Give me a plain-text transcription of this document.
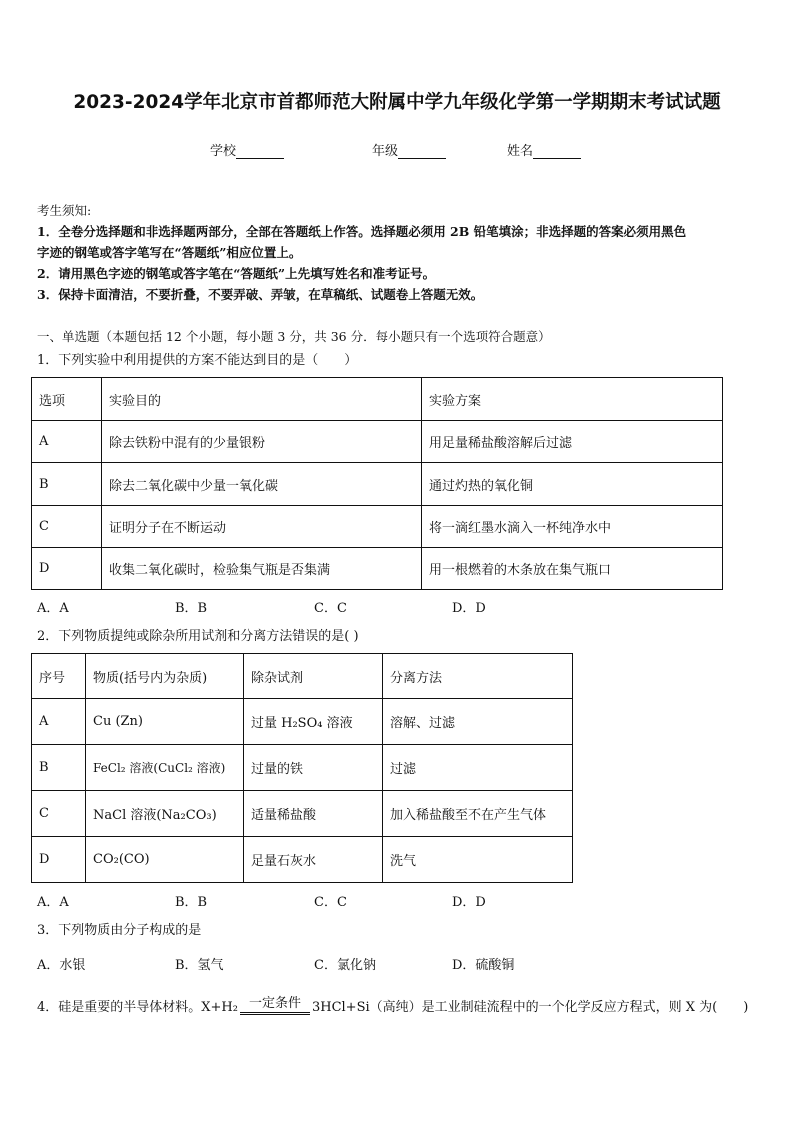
2023-2024学年北京市首都师范大附属中学九年级化学第一学期期末考试试题
学校	年级	姓名
考生须知:
1．全卷分选择题和非选择题两部分，全部在答题纸上作答。选择题必须用 2B 铅笔填涂；非选择题的答案必须用黑色
字迹的钢笔或答字笔写在“答题纸”相应位置上。
2．请用黑色字迹的钢笔或答字笔在“答题纸”上先填写姓名和准考证号。
3．保持卡面清洁，不要折叠，不要弄破、弄皱，在草稿纸、试题卷上答题无效。
一、单选题（本题包括 12 个小题，每小题 3 分，共 36 分．每小题只有一个选项符合题意）
1．下列实验中利用提供的方案不能达到目的是（　　）
选项	实验目的	实验方案
A	除去铁粉中混有的少量银粉	用足量稀盐酸溶解后过滤
B	除去二氧化碳中少量一氧化碳	通过灼热的氧化铜
C	证明分子在不断运动	将一滴红墨水滴入一杯纯净水中
D	收集二氧化碳时，检验集气瓶是否集满	用一根燃着的木条放在集气瓶口
A．A	B．B	C．C	D．D
2．下列物质提纯或除杂所用试剂和分离方法错误的是( )
序号	物质(括号内为杂质)	除杂试剂	分离方法
A	Cu (Zn)	过量 H₂SO₄ 溶液	溶解、过滤
B	FeCl₂ 溶液(CuCl₂ 溶液)	过量的铁	过滤
C	NaCl 溶液(Na₂CO₃)	适量稀盐酸	加入稀盐酸至不在产生气体
D	CO₂(CO)	足量石灰水	洗气
A．A	B．B	C．C	D．D
3．下列物质由分子构成的是
A．水银	B．氢气	C．氯化钠	D．硫酸铜
4．硅是重要的半导体材料。X+H₂ 一定条件 3HCl+Si（高纯）是工业制硅流程中的一个化学反应方程式，则 X 为(　　)
